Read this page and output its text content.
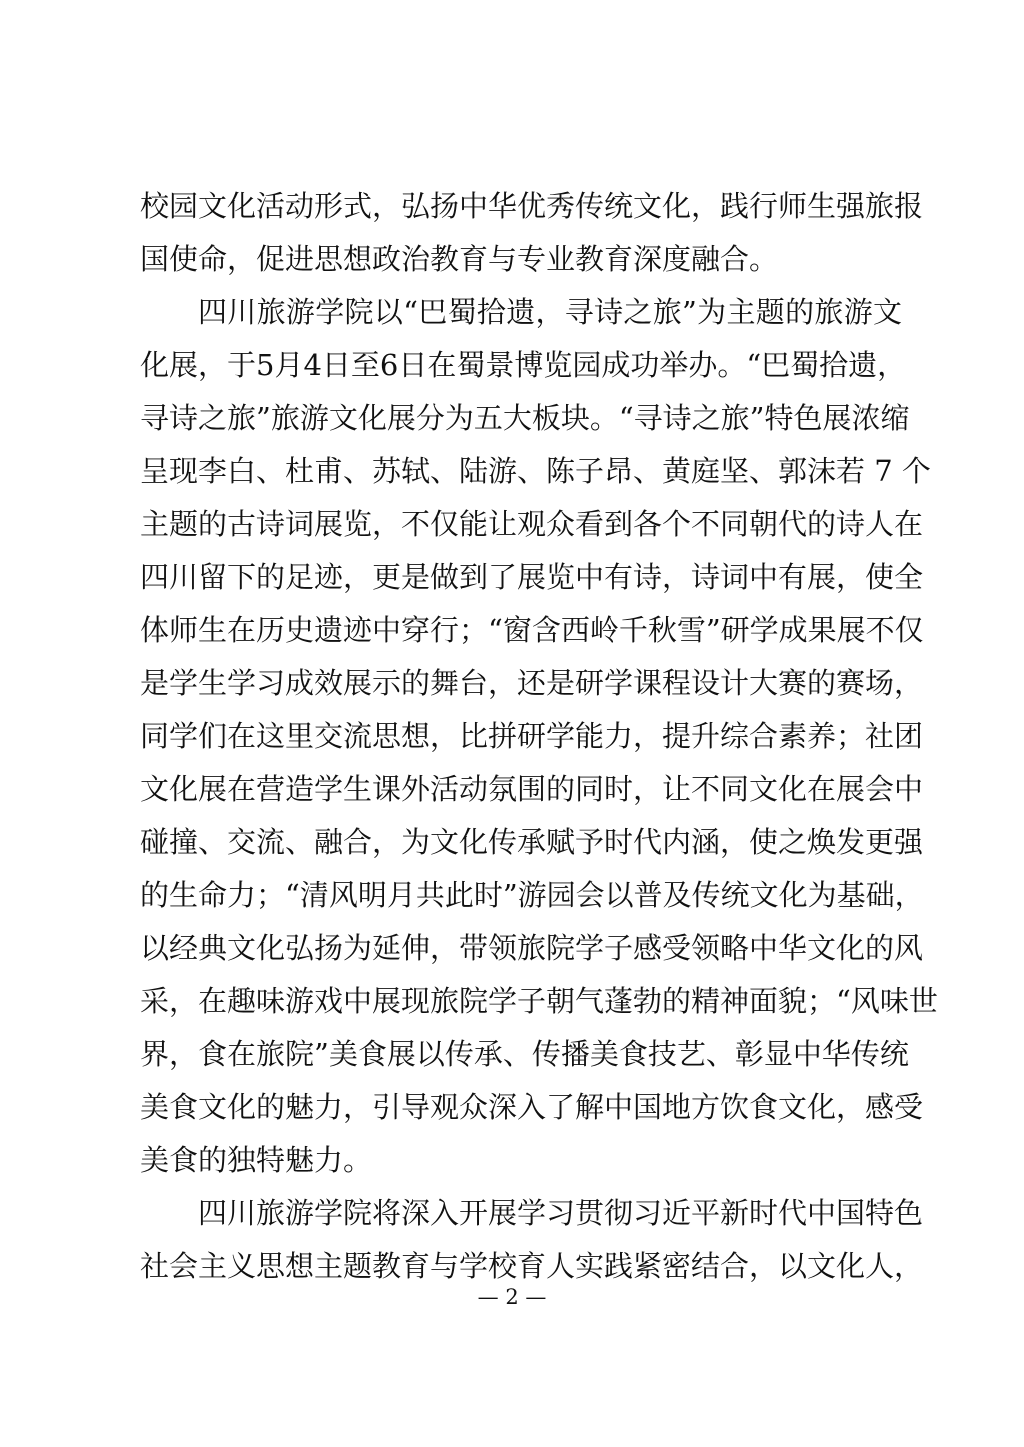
校园文化活动形式，弘扬中华优秀传统文化，践行师生强旅报
国使命，促进思想政治教育与专业教育深度融合。
四川旅游学院以“巴蜀拾遗，寻诗之旅”为主题的旅游文
化展，于5月4日至6日在蜀景博览园成功举办。“巴蜀拾遗，
寻诗之旅”旅游文化展分为五大板块。“寻诗之旅”特色展浓缩
呈现李白、杜甫、苏轼、陆游、陈子昂、黄庭坚、郭沫若 7 个
主题的古诗词展览，不仅能让观众看到各个不同朝代的诗人在
四川留下的足迹，更是做到了展览中有诗，诗词中有展，使全
体师生在历史遗迹中穿行；“窗含西岭千秋雪”研学成果展不仅
是学生学习成效展示的舞台，还是研学课程设计大赛的赛场，
同学们在这里交流思想，比拼研学能力，提升综合素养；社团
文化展在营造学生课外活动氛围的同时，让不同文化在展会中
碰撞、交流、融合，为文化传承赋予时代内涵，使之焕发更强
的生命力；“清风明月共此时”游园会以普及传统文化为基础，
以经典文化弘扬为延伸，带领旅院学子感受领略中华文化的风
采，在趣味游戏中展现旅院学子朝气蓬勃的精神面貌；“风味世
界，食在旅院”美食展以传承、传播美食技艺、彰显中华传统
美食文化的魅力，引导观众深入了解中国地方饮食文化，感受
美食的独特魅力。
四川旅游学院将深入开展学习贯彻习近平新时代中国特色
社会主义思想主题教育与学校育人实践紧密结合，以文化人，
— 2 —
